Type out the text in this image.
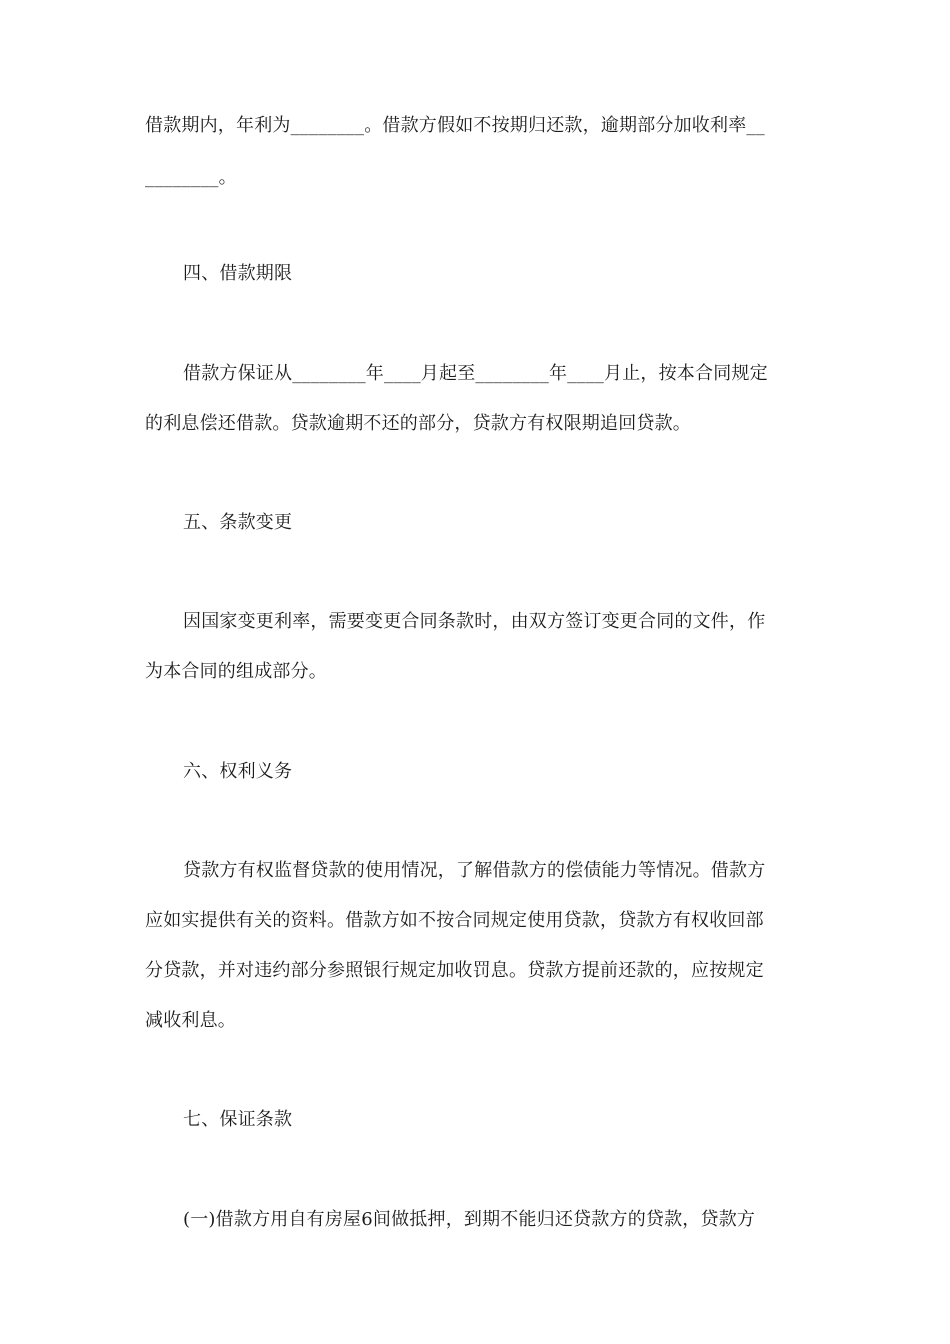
借款期内，年利为________。借款方假如不按期归还款，逾期部分加收利率__
________。
四、借款期限
借款方保证从________年____月起至________年____月止，按本合同规定
的利息偿还借款。贷款逾期不还的部分，贷款方有权限期追回贷款。
五、条款变更
因国家变更利率，需要变更合同条款时，由双方签订变更合同的文件，作
为本合同的组成部分。
六、权利义务
贷款方有权监督贷款的使用情况，了解借款方的偿债能力等情况。借款方
应如实提供有关的资料。借款方如不按合同规定使用贷款，贷款方有权收回部
分贷款，并对违约部分参照银行规定加收罚息。贷款方提前还款的，应按规定
减收利息。
七、保证条款
(一)借款方用自有房屋6间做抵押，到期不能归还贷款方的贷款，贷款方
